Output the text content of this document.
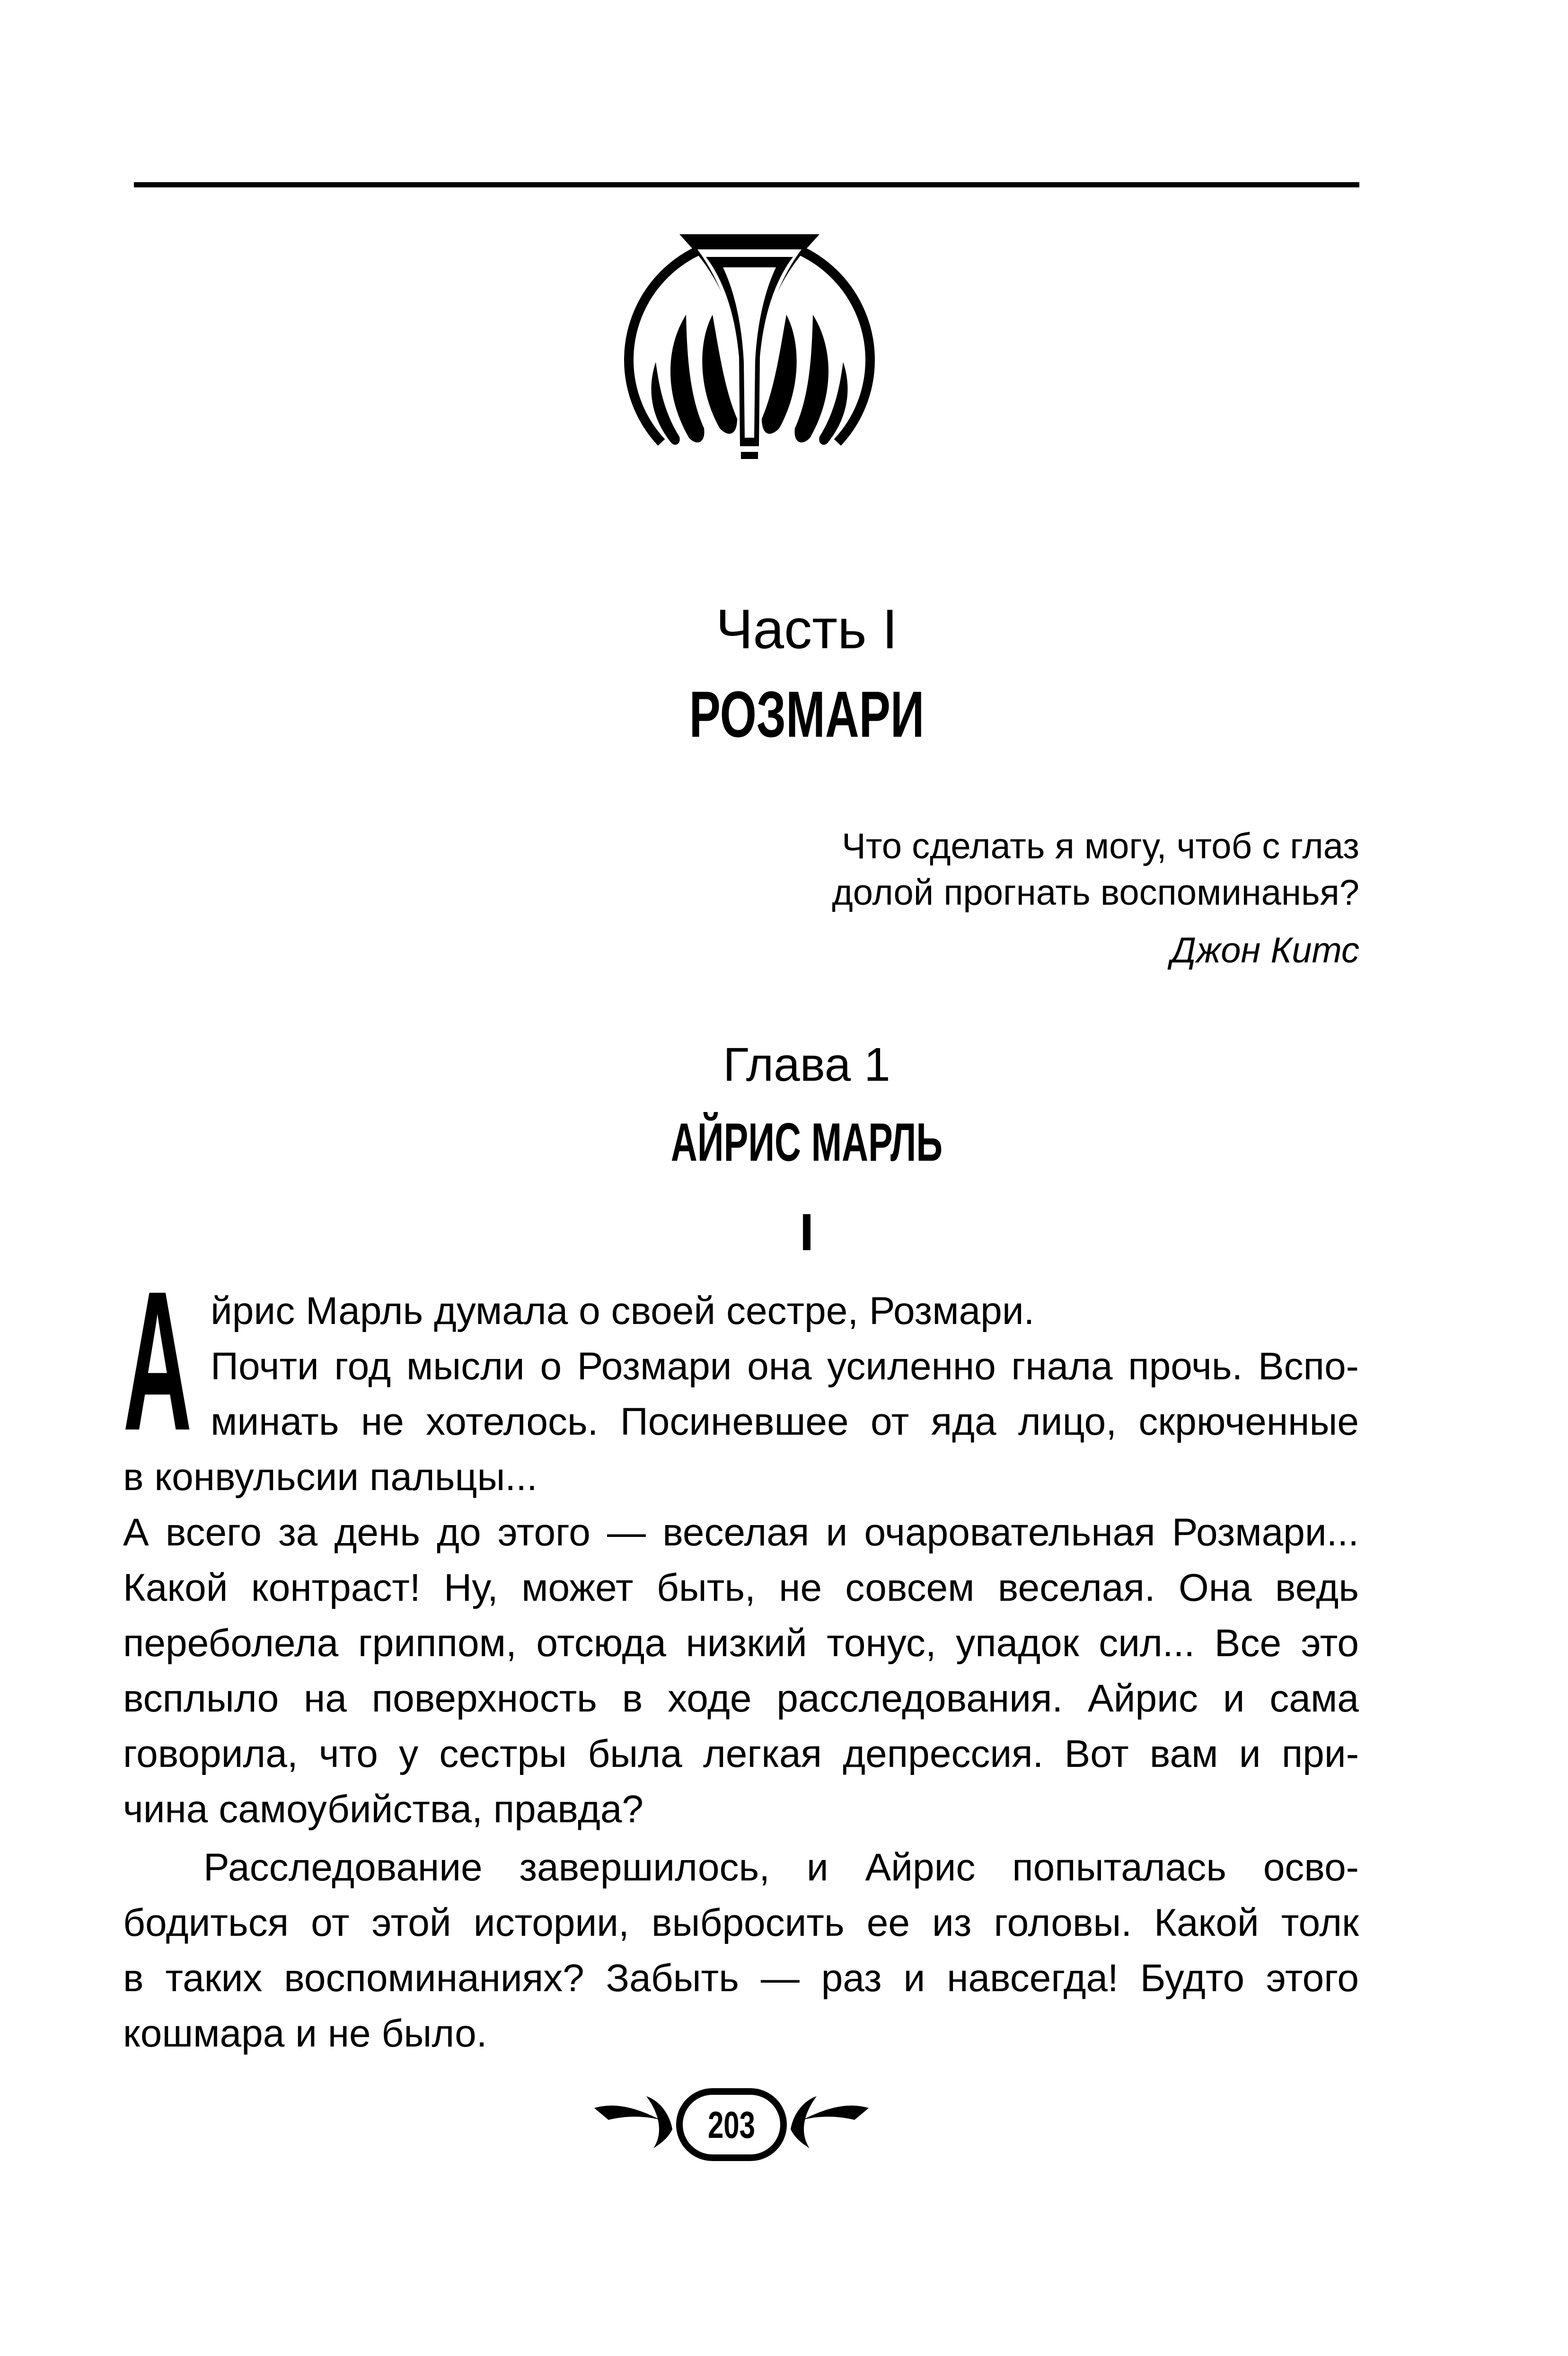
Часть I
РОЗМАРИ
Что сделать я могу, чтоб с глаз
долой прогнать воспоминанья?
Джон Китс
Глава 1
АЙРИС МАРЛЬ
I
А йрис Марль думала о своей сестре, Розмари.
Почти год мысли о Розмари она усиленно гнала прочь. Вспо-
минать не хотелось. Посиневшее от яда лицо, скрюченные
в конвульсии пальцы...
А всего за день до этого — веселая и очаровательная Розмари...
Какой контраст! Ну, может быть, не совсем веселая. Она ведь
переболела гриппом, отсюда низкий тонус, упадок сил... Все это
всплыло на поверхность в ходе расследования. Айрис и сама
говорила, что у сестры была легкая депрессия. Вот вам и при-
чина самоубийства, правда?
Расследование завершилось, и Айрис попыталась осво-
бодиться от этой истории, выбросить ее из головы. Какой толк
в таких воспоминаниях? Забыть — раз и навсегда! Будто этого
кошмара и не было.
203
